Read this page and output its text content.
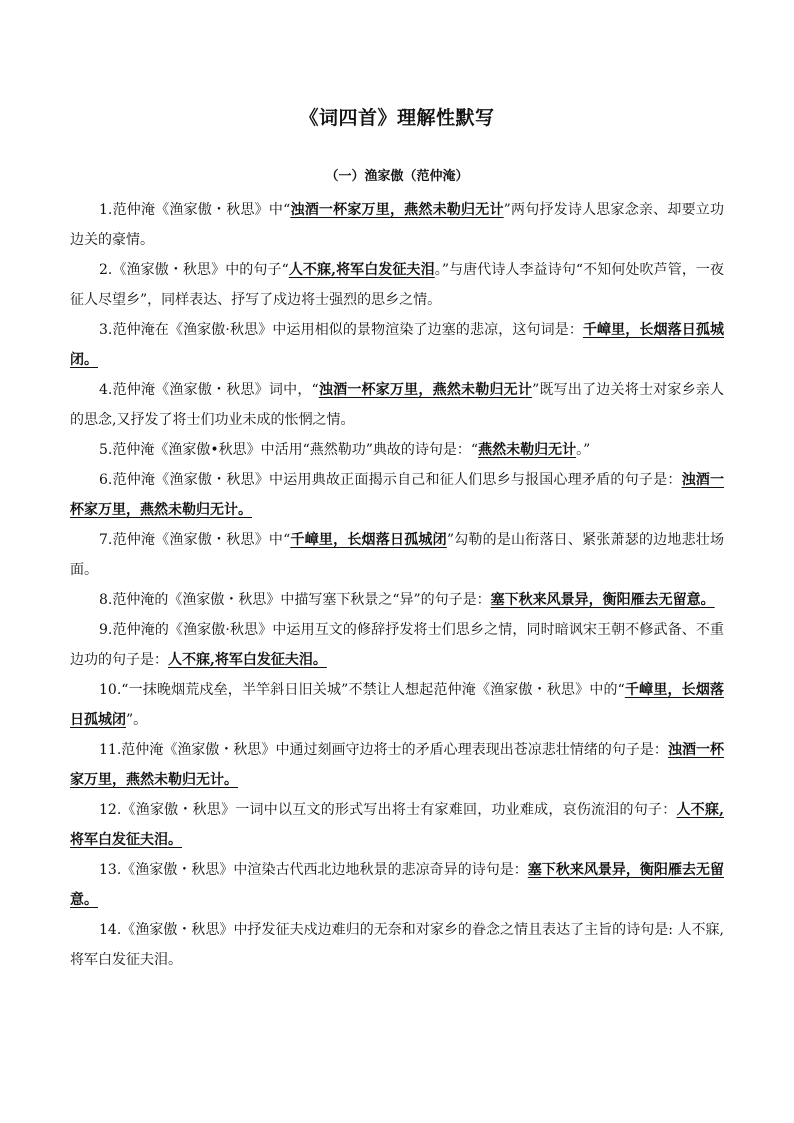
《词四首》理解性默写
（一）渔家傲（范仲淹）

1.范仲淹《渔家傲・秋思》中“浊酒一杯家万里，燕然未勒归无计”两句抒发诗人思家念亲、却要立功边关的豪情。

2.《渔家傲・秋思》中的句子“人不寐,将军白发征夫泪。”与唐代诗人李益诗句“不知何处吹芦管，一夜征人尽望乡”，同样表达、抒写了戍边将士强烈的思乡之情。

3.范仲淹在《渔家傲·秋思》中运用相似的景物渲染了边塞的悲凉，这句词是：千嶂里，长烟落日孤城闭。

4.范仲淹《渔家傲・秋思》词中，“浊酒一杯家万里，燕然未勒归无计”既写出了边关将士对家乡亲人的思念,又抒发了将士们功业未成的怅惘之情。

5.范仲淹《渔家傲•秋思》中活用“燕然勒功”典故的诗句是：“燕然未勒归无计。”

6.范仲淹《渔家傲・秋思》中运用典故正面揭示自己和征人们思乡与报国心理矛盾的句子是：浊酒一杯家万里，燕然未勒归无计。

7.范仲淹《渔家傲・秋思》中“千嶂里，长烟落日孤城闭”勾勒的是山衔落日、紧张萧瑟的边地悲壮场面。

8.范仲淹的《渔家傲・秋思》中描写塞下秋景之“异”的句子是：塞下秋来风景异，衡阳雁去无留意。

9.范仲淹的《渔家傲·秋思》中运用互文的修辞抒发将士们思乡之情，同时暗讽宋王朝不修武备、不重边功的句子是：人不寐,将军白发征夫泪。

10.“一抹晚烟荒戍垒，半竿斜日旧关城”不禁让人想起范仲淹《渔家傲・秋思》中的“千嶂里，长烟落日孤城闭”。

11.范仲淹《渔家傲・秋思》中通过刻画守边将士的矛盾心理表现出苍凉悲壮情绪的句子是：浊酒一杯家万里，燕然未勒归无计。

12.《渔家傲・秋思》一词中以互文的形式写出将士有家难回，功业难成，哀伤流泪的句子：人不寐,将军白发征夫泪。

13.《渔家傲・秋思》中渲染古代西北边地秋景的悲凉奇异的诗句是：塞下秋来风景异，衡阳雁去无留意。

14.《渔家傲・秋思》中抒发征夫戍边难归的无奈和对家乡的眷念之情且表达了主旨的诗句是: 人不寐,将军白发征夫泪。
